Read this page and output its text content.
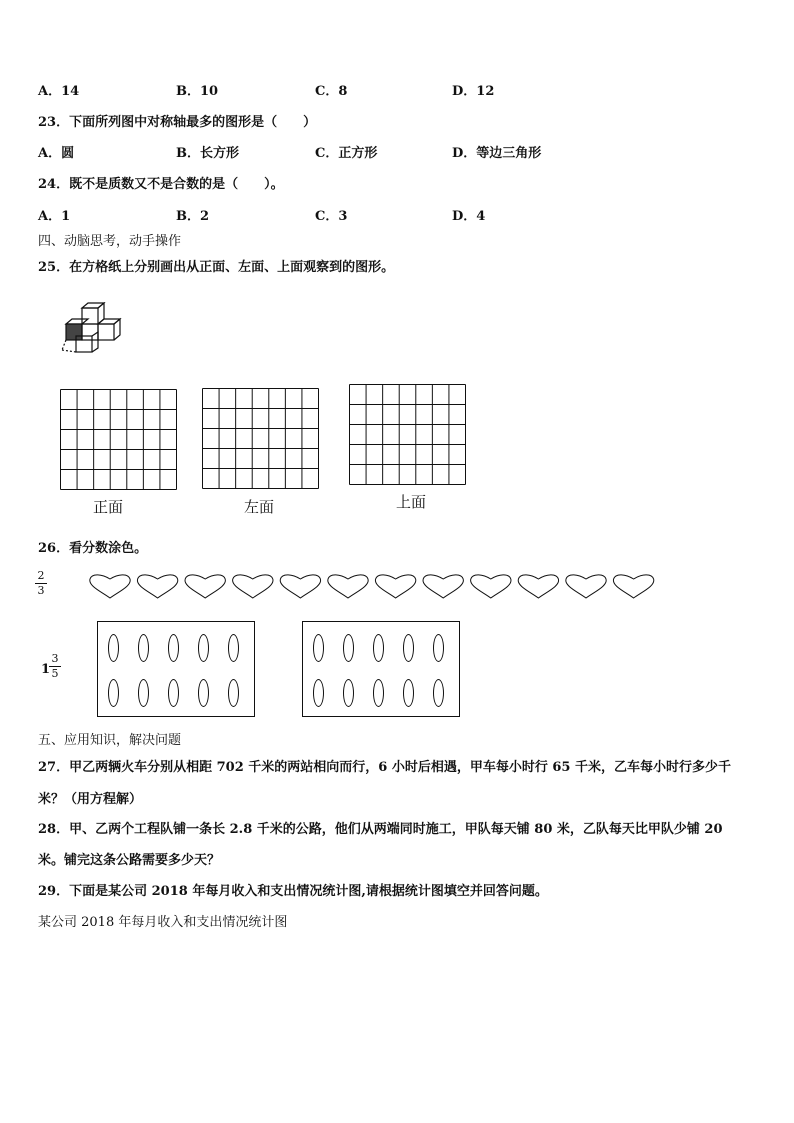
A．14	B．10	C．8	D．12
23．下面所列图中对称轴最多的图形是（　　）
A．圆	B．长方形	C．正方形	D．等边三角形
24．既不是质数又不是合数的是（　　）。
A．1	B．2	C．3	D．4
四、动脑思考，动手操作
25．在方格纸上分别画出从正面、左面、上面观察到的图形。
正面	左面	上面
26．看分数涂色。
2
3
1
3
5
五、应用知识，解决问题
27．甲乙两辆火车分别从相距 702 千米的两站相向而行，6 小时后相遇，甲车每小时行 65 千米，乙车每小时行多少千
米？（用方程解）
28．甲、乙两个工程队铺一条长 2.8 千米的公路，他们从两端同时施工，甲队每天铺 80 米，乙队每天比甲队少铺 20
米。铺完这条公路需要多少天？
29．下面是某公司 2018 年每月收入和支出情况统计图,请根据统计图填空并回答问题。
某公司 2018 年每月收入和支出情况统计图
